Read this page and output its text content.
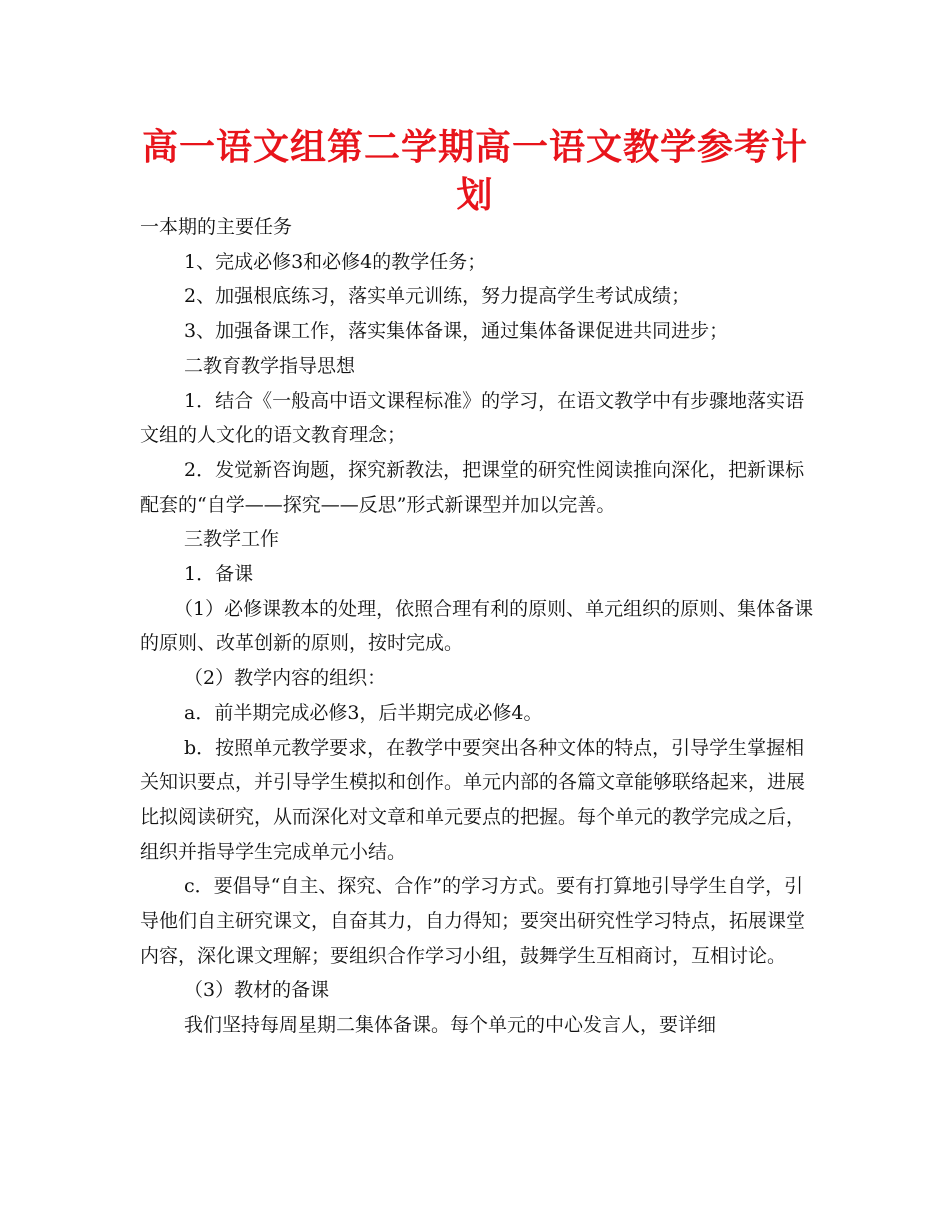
高一语文组第二学期高一语文教学参考计划

一本期的主要任务

1、完成必修3和必修4的教学任务；

2、加强根底练习，落实单元训练，努力提高学生考试成绩；

3、加强备课工作，落实集体备课，通过集体备课促进共同进步；

二教育教学指导思想

1．结合《一般高中语文课程标准》的学习，在语文教学中有步骤地落实语文组的人文化的语文教育理念；

2．发觉新咨询题，探究新教法，把课堂的研究性阅读推向深化，把新课标配套的“自学——探究——反思”形式新课型并加以完善。

三教学工作

1．备课

（1）必修课教本的处理，依照合理有利的原则、单元组织的原则、集体备课的原则、改革创新的原则，按时完成。

（2）教学内容的组织：

a．前半期完成必修3，后半期完成必修4。

b．按照单元教学要求，在教学中要突出各种文体的特点，引导学生掌握相关知识要点，并引导学生模拟和创作。单元内部的各篇文章能够联络起来，进展比拟阅读研究，从而深化对文章和单元要点的把握。每个单元的教学完成之后，组织并指导学生完成单元小结。

c．要倡导“自主、探究、合作”的学习方式。要有打算地引导学生自学，引导他们自主研究课文，自奋其力，自力得知；要突出研究性学习特点，拓展课堂内容，深化课文理解；要组织合作学习小组，鼓舞学生互相商讨，互相讨论。

（3）教材的备课

我们坚持每周星期二集体备课。每个单元的中心发言人，要详细
